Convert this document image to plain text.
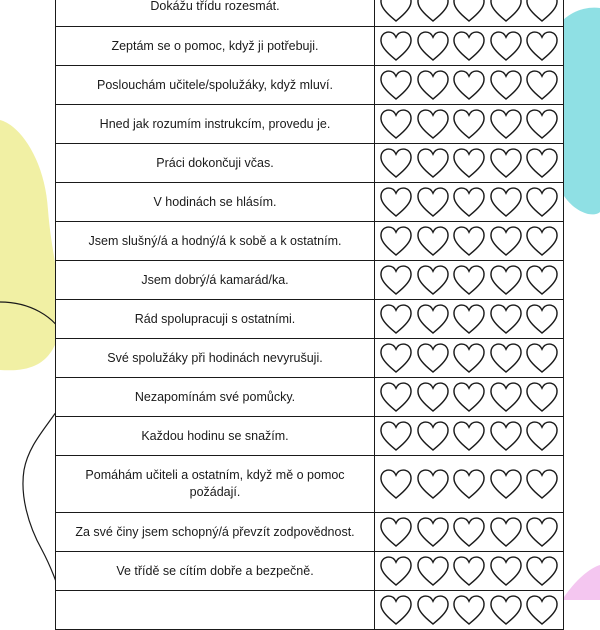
Dokážu třídu rozesmát.	

Zeptám se o pomoc, když ji potřebuji.	

Poslouchám učitele/spolužáky, když mluví.	

Hned jak rozumím instrukcím, provedu je.	

Práci dokončuji včas.	

V hodinách se hlásím.	

Jsem slušný/á a hodný/á k sobě a k ostatním.	

Jsem dobrý/á kamarád/ka.	

Rád spolupracuji s ostatními.	

Své spolužáky při hodinách nevyrušuji.	

Nezapomínám své pomůcky.	

Každou hodinu se snažím.	

Pomáhám učiteli a ostatním, když mě o pomoc požádají.	

Za své činy jsem schopný/á převzít zodpovědnost.	

Ve třídě se cítím dobře a bezpečně.	
